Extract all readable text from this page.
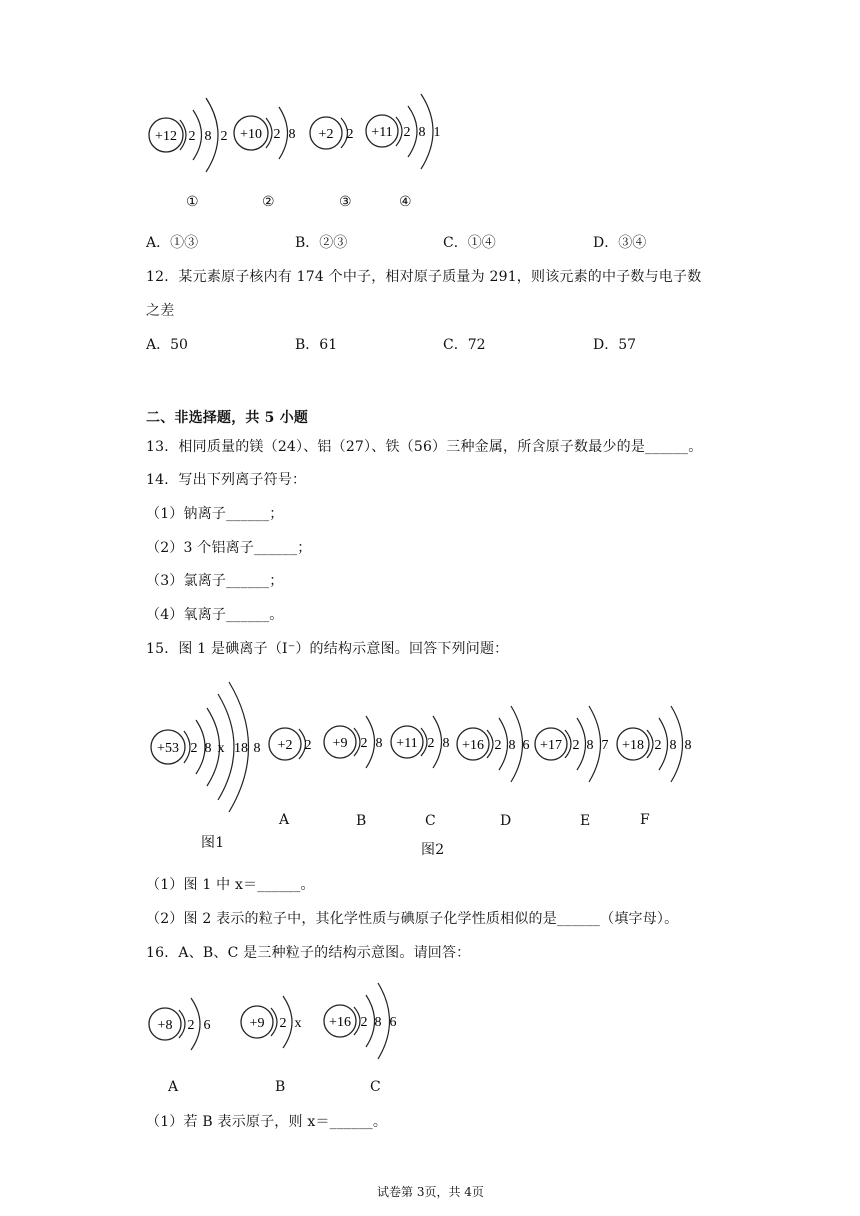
+12 2 8 2 +10 2 8 +2 2 +11 2 8 1
①	②	③	④
A．①③	B．②③	C．①④	D．③④
12．某元素原子核内有 174 个中子，相对原子质量为 291，则该元素的中子数与电子数
之差
A．50	B．61	C．72	D．57
二、非选择题，共 5 小题
13．相同质量的镁（24）、铝（27）、铁（56）三种金属，所含原子数最少的是______。
14．写出下列离子符号：
（1）钠离子______；
（2）3 个铝离子______；
（3）氯离子______；
（4）氧离子______。
15．图 1 是碘离子（I⁻）的结构示意图。回答下列问题：
+53 2 8 x 18 8 +2 2 +9 2 8 +11 2 8 +16 2 8 6 +17 2 8 7 +18 2 8 8
图1
A	B	C	D	E	F
图2
（1）图 1 中 x＝______。
（2）图 2 表示的粒子中，其化学性质与碘原子化学性质相似的是______（填字母）。
16．A、B、C 是三种粒子的结构示意图。请回答：
+8 2 6	+9 2 x +16 2 8 6
A	B	C
（1）若 B 表示原子，则 x＝______。
试卷第 3页，共 4页
